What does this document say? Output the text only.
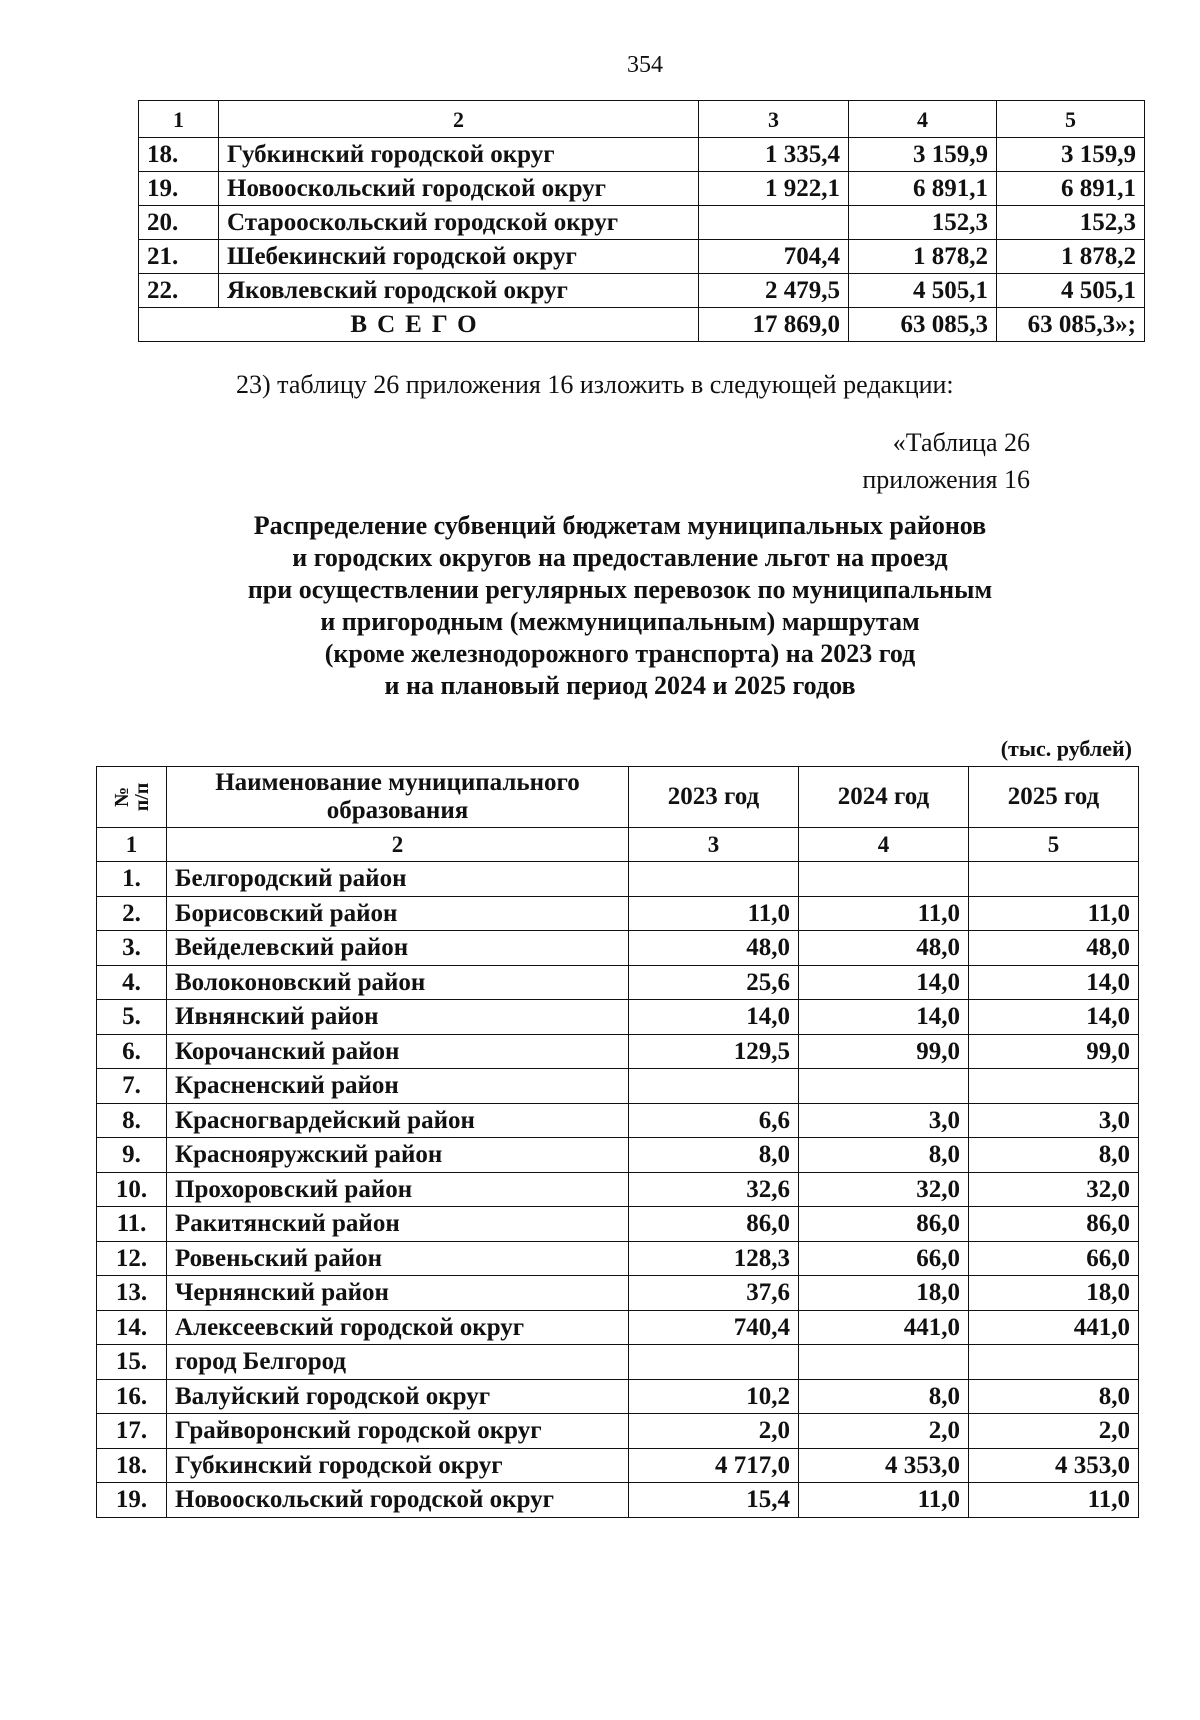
354
1	2	3	4	5
18.	Губкинский городской округ	1 335,4	3 159,9	3 159,9
19.	Новооскольский городской округ	1 922,1	6 891,1	6 891,1
20.	Старооскольский городской округ		152,3	152,3
21.	Шебекинский городской округ	704,4	1 878,2	1 878,2
22.	Яковлевский городской округ	2 479,5	4 505,1	4 505,1
ВСЕГО		17 869,0	63 085,3	63 085,3»;
23) таблицу 26 приложения 16 изложить в следующей редакции:
«Таблица 26
приложения 16
Распределение субвенций бюджетам муниципальных районов
и городских округов на предоставление льгот на проезд
при осуществлении регулярных перевозок по муниципальным
и пригородным (межмуниципальным) маршрутам
(кроме железнодорожного транспорта) на 2023 год
и на плановый период 2024 и 2025 годов
(тыс. рублей)
№
п/п	Наименование муниципального образования	2023 год	2024 год	2025 год
1	2	3	4	5
1.	Белгородский район			
2.	Борисовский район	11,0	11,0	11,0
3.	Вейделевский район	48,0	48,0	48,0
4.	Волоконовский район	25,6	14,0	14,0
5.	Ивнянский район	14,0	14,0	14,0
6.	Корочанский район	129,5	99,0	99,0
7.	Красненский район			
8.	Красногвардейский район	6,6	3,0	3,0
9.	Краснояружский район	8,0	8,0	8,0
10.	Прохоровский район	32,6	32,0	32,0
11.	Ракитянский район	86,0	86,0	86,0
12.	Ровеньский район	128,3	66,0	66,0
13.	Чернянский район	37,6	18,0	18,0
14.	Алексеевский городской округ	740,4	441,0	441,0
15.	город Белгород			
16.	Валуйский городской округ	10,2	8,0	8,0
17.	Грайворонский городской округ	2,0	2,0	2,0
18.	Губкинский городской округ	4 717,0	4 353,0	4 353,0
19.	Новооскольский городской округ	15,4	11,0	11,0
